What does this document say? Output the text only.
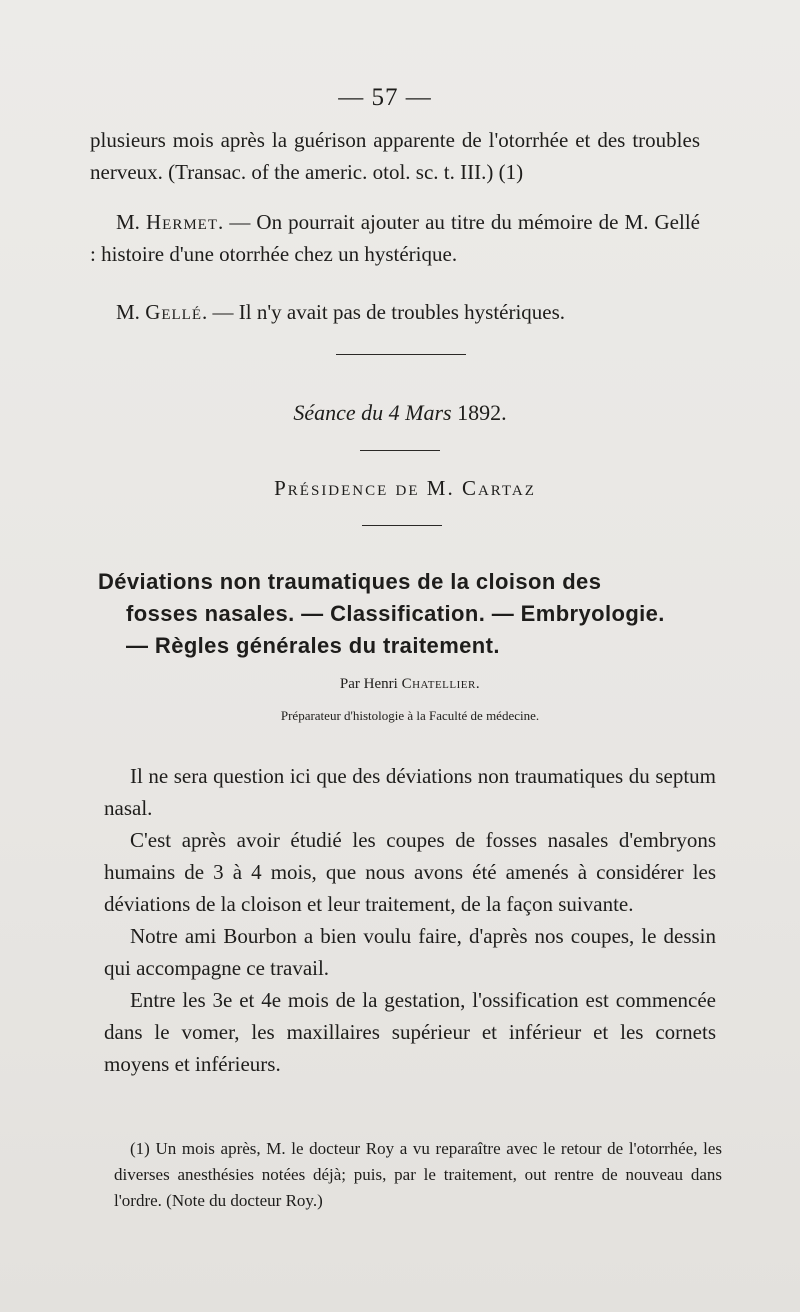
— 57 —

plusieurs mois après la guérison apparente de l'otorrhée et des troubles nerveux. (Transac. of the americ. otol. sc. t. III.) (1)

M. Hermet. — On pourrait ajouter au titre du mémoire de M. Gellé : histoire d'une otorrhée chez un hystérique.

M. Gellé. — Il n'y avait pas de troubles hystériques.

Séance du 4 Mars 1892.
Présidence de M. Cartaz
Déviations non traumatiques de la cloison des
fosses nasales. — Classification. — Embryologie.
— Règles générales du traitement.
Par Henri Chatellier.
Préparateur d'histologie à la Faculté de médecine.

Il ne sera question ici que des déviations non traumatiques du septum nasal.

C'est après avoir étudié les coupes de fosses nasales d'embryons humains de 3 à 4 mois, que nous avons été amenés à considérer les déviations de la cloison et leur traitement, de la façon suivante.

Notre ami Bourbon a bien voulu faire, d'après nos coupes, le dessin qui accompagne ce travail.

Entre les 3e et 4e mois de la gestation, l'ossification est commencée dans le vomer, les maxillaires supérieur et inférieur et les cornets moyens et inférieurs.

(1) Un mois après, M. le docteur Roy a vu reparaître avec le retour de l'otorrhée, les diverses anesthésies notées déjà; puis, par le traitement, out rentre de nouveau dans l'ordre. (Note du docteur Roy.)
